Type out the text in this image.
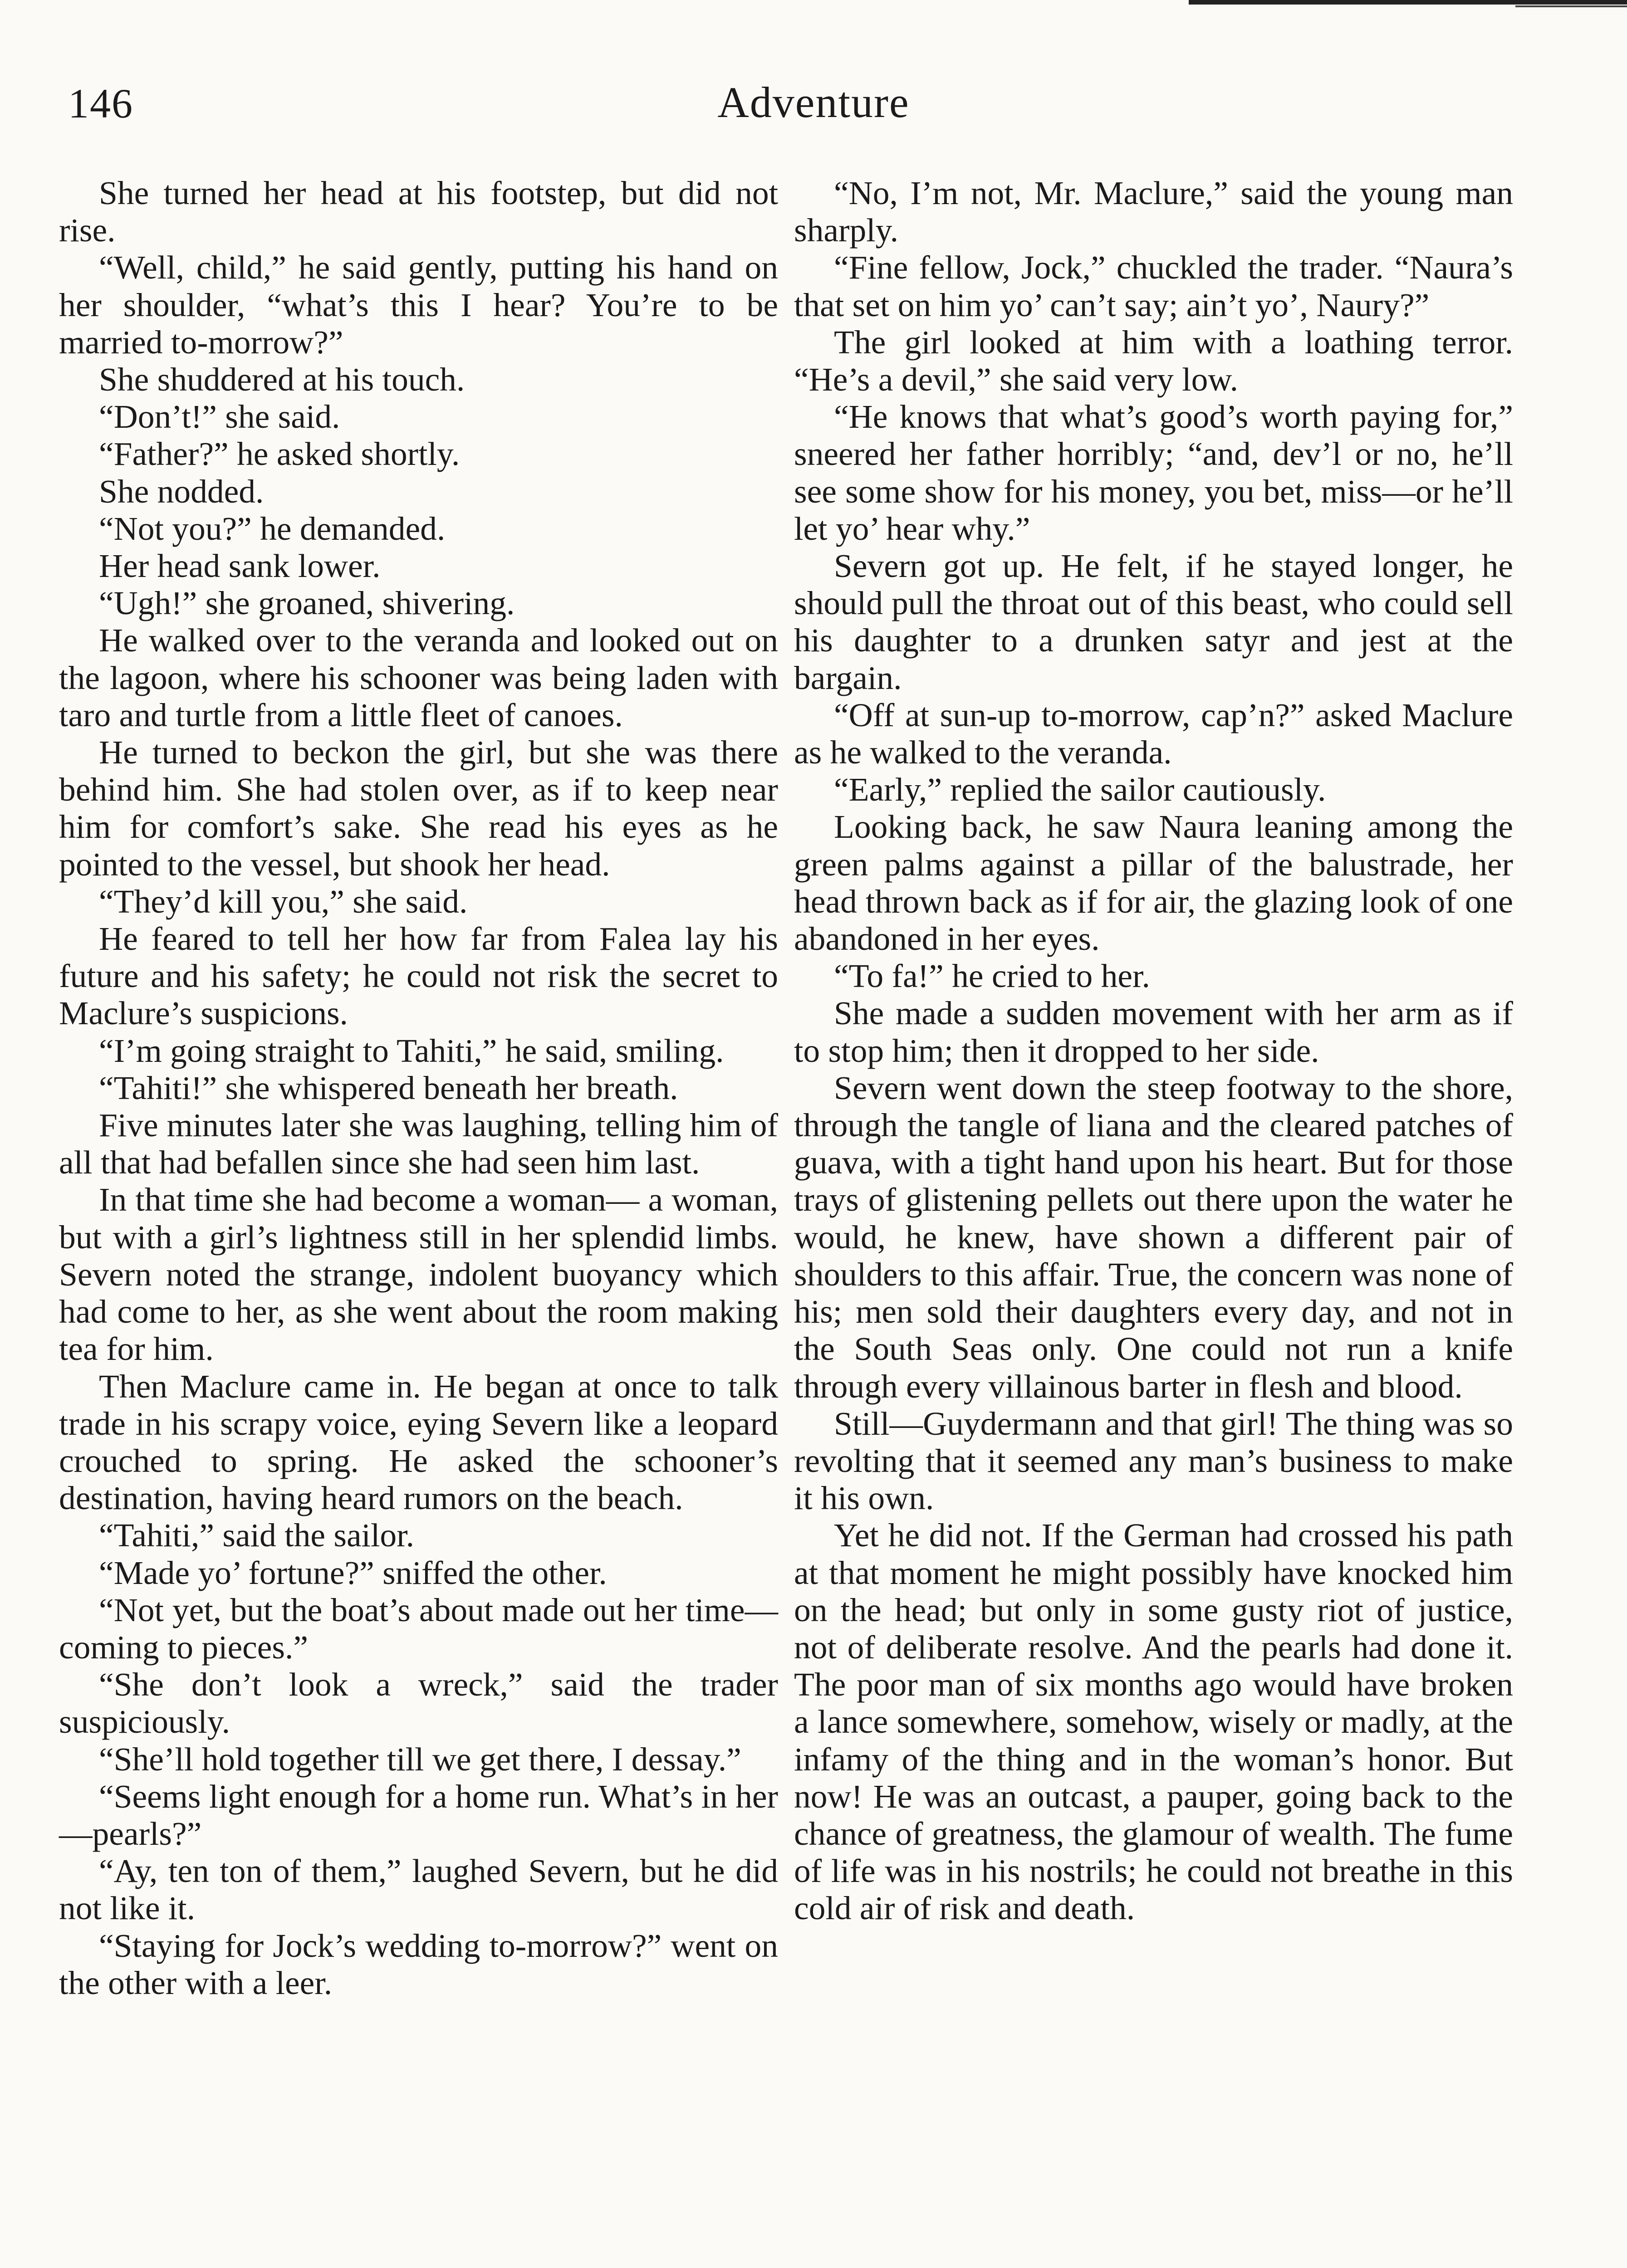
146	Adventure

She turned her head at his footstep, but did not rise.

“Well, child,” he said gently, putting his hand on her shoulder, “what’s this I hear? You’re to be married to-morrow?”

She shuddered at his touch.

“Don’t!” she said.

“Father?” he asked shortly.

She nodded.

“Not you?” he demanded.

Her head sank lower.

“Ugh!” she groaned, shivering.

He walked over to the veranda and looked out on the lagoon, where his schooner was being laden with taro and turtle from a little fleet of canoes.

He turned to beckon the girl, but she was there behind him. She had stolen over, as if to keep near him for comfort’s sake. She read his eyes as he pointed to the vessel, but shook her head.

“They’d kill you,” she said.

He feared to tell her how far from Falea lay his future and his safety; he could not risk the secret to Maclure’s suspicions.

“I’m going straight to Tahiti,” he said, smiling.

“Tahiti!” she whispered beneath her breath.

Five minutes later she was laughing, telling him of all that had befallen since she had seen him last.

In that time she had become a woman— a woman, but with a girl’s lightness still in her splendid limbs. Severn noted the strange, indolent buoyancy which had come to her, as she went about the room making tea for him.

Then Maclure came in. He began at once to talk trade in his scrapy voice, eying Severn like a leopard crouched to spring. He asked the schooner’s destination, having heard rumors on the beach.

“Tahiti,” said the sailor.

“Made yo’ fortune?” sniffed the other.

“Not yet, but the boat’s about made out her time—coming to pieces.”

“She don’t look a wreck,” said the trader suspiciously.

“She’ll hold together till we get there, I dessay.”

“Seems light enough for a home run. What’s in her—pearls?”

“Ay, ten ton of them,” laughed Severn, but he did not like it.

“Staying for Jock’s wedding to-morrow?” went on the other with a leer.

“No, I’m not, Mr. Maclure,” said the young man sharply.

“Fine fellow, Jock,” chuckled the trader. “Naura’s that set on him yo’ can’t say; ain’t yo’, Naury?”

The girl looked at him with a loathing terror. “He’s a devil,” she said very low.

“He knows that what’s good’s worth paying for,” sneered her father horribly; “and, dev’l or no, he’ll see some show for his money, you bet, miss—or he’ll let yo’ hear why.”

Severn got up. He felt, if he stayed longer, he should pull the throat out of this beast, who could sell his daughter to a drunken satyr and jest at the bargain.

“Off at sun-up to-morrow, cap’n?” asked Maclure as he walked to the veranda.

“Early,” replied the sailor cautiously.

Looking back, he saw Naura leaning among the green palms against a pillar of the balustrade, her head thrown back as if for air, the glazing look of one abandoned in her eyes.

“To fa!” he cried to her.

She made a sudden movement with her arm as if to stop him; then it dropped to her side.

Severn went down the steep footway to the shore, through the tangle of liana and the cleared patches of guava, with a tight hand upon his heart. But for those trays of glistening pellets out there upon the water he would, he knew, have shown a different pair of shoulders to this affair. True, the concern was none of his; men sold their daughters every day, and not in the South Seas only. One could not run a knife through every villainous barter in flesh and blood.

Still—Guydermann and that girl! The thing was so revolting that it seemed any man’s business to make it his own.

Yet he did not. If the German had crossed his path at that moment he might possibly have knocked him on the head; but only in some gusty riot of justice, not of deliberate resolve. And the pearls had done it. The poor man of six months ago would have broken a lance somewhere, somehow, wisely or madly, at the infamy of the thing and in the woman’s honor. But now! He was an outcast, a pauper, going back to the chance of greatness, the glamour of wealth. The fume of life was in his nostrils; he could not breathe in this cold air of risk and death.
